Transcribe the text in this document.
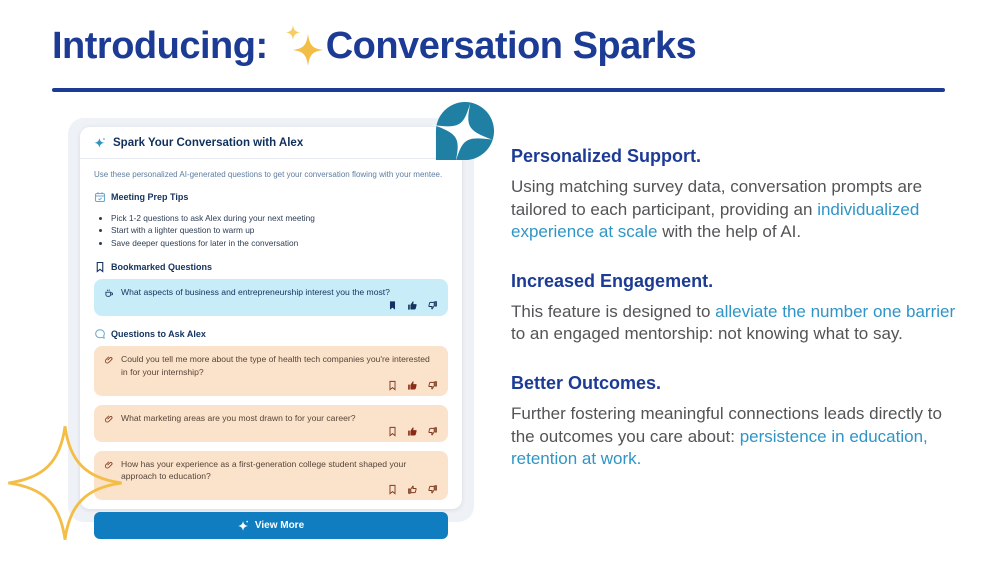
Introducing: Conversation Sparks
Spark Your Conversation with Alex
Use these personalized AI-generated questions to get your conversation flowing with your mentee.
Meeting Prep Tips
• Pick 1-2 questions to ask Alex during your next meeting
• Start with a lighter question to warm up
• Save deeper questions for later in the conversation
Bookmarked Questions
What aspects of business and entrepreneurship interest you the most?
Questions to Ask Alex
Could you tell me more about the type of health tech companies you're interested in for your internship?
What marketing areas are you most drawn to for your career?
How has your experience as a first-generation college student shaped your approach to education?
View More
Personalized Support.

Using matching survey data, conversation prompts are tailored to each participant, providing an individualized experience at scale with the help of AI.

Increased Engagement.

This feature is designed to alleviate the number one barrier to an engaged mentorship: not knowing what to say.

Better Outcomes.

Further fostering meaningful connections leads directly to the outcomes you care about: persistence in education, retention at work.
